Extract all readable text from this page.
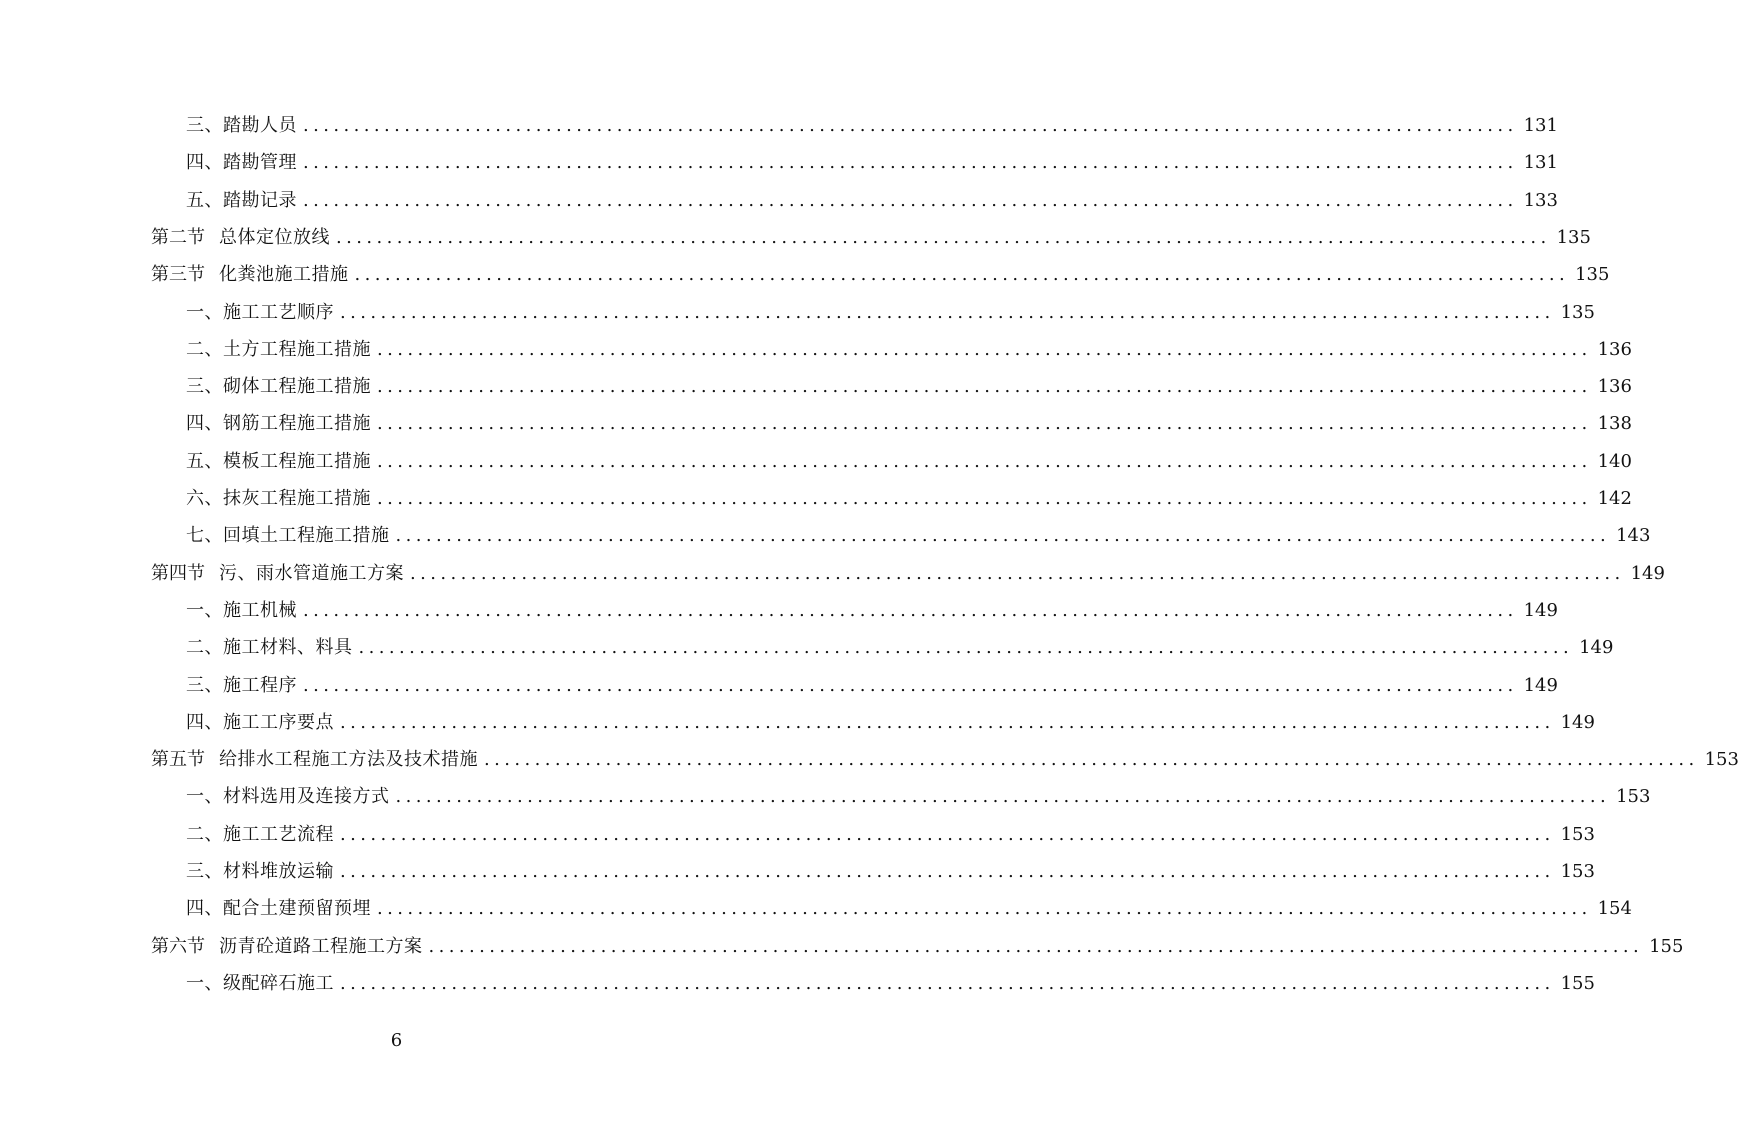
三、踏勘人员 ........................................................................................................................ 131
四、踏勘管理 ........................................................................................................................ 131
五、踏勘记录 ........................................................................................................................ 133
第二节 总体定位放线 ........................................................................................................................ 135
第三节 化粪池施工措施 ........................................................................................................................ 135
一、施工工艺顺序 ........................................................................................................................ 135
二、土方工程施工措施 ........................................................................................................................ 136
三、砌体工程施工措施 ........................................................................................................................ 136
四、钢筋工程施工措施 ........................................................................................................................ 138
五、模板工程施工措施 ........................................................................................................................ 140
六、抹灰工程施工措施 ........................................................................................................................ 142
七、回填土工程施工措施 ........................................................................................................................ 143
第四节 污、雨水管道施工方案 ........................................................................................................................ 149
一、施工机械 ........................................................................................................................ 149
二、施工材料、料具 ........................................................................................................................ 149
三、施工程序 ........................................................................................................................ 149
四、施工工序要点 ........................................................................................................................ 149
第五节 给排水工程施工方法及技术措施 ........................................................................................................................ 153
一、材料选用及连接方式 ........................................................................................................................ 153
二、施工工艺流程 ........................................................................................................................ 153
三、材料堆放运输 ........................................................................................................................ 153
四、配合土建预留预埋 ........................................................................................................................ 154
第六节 沥青砼道路工程施工方案 ........................................................................................................................ 155
一、级配碎石施工 ........................................................................................................................ 155
6
